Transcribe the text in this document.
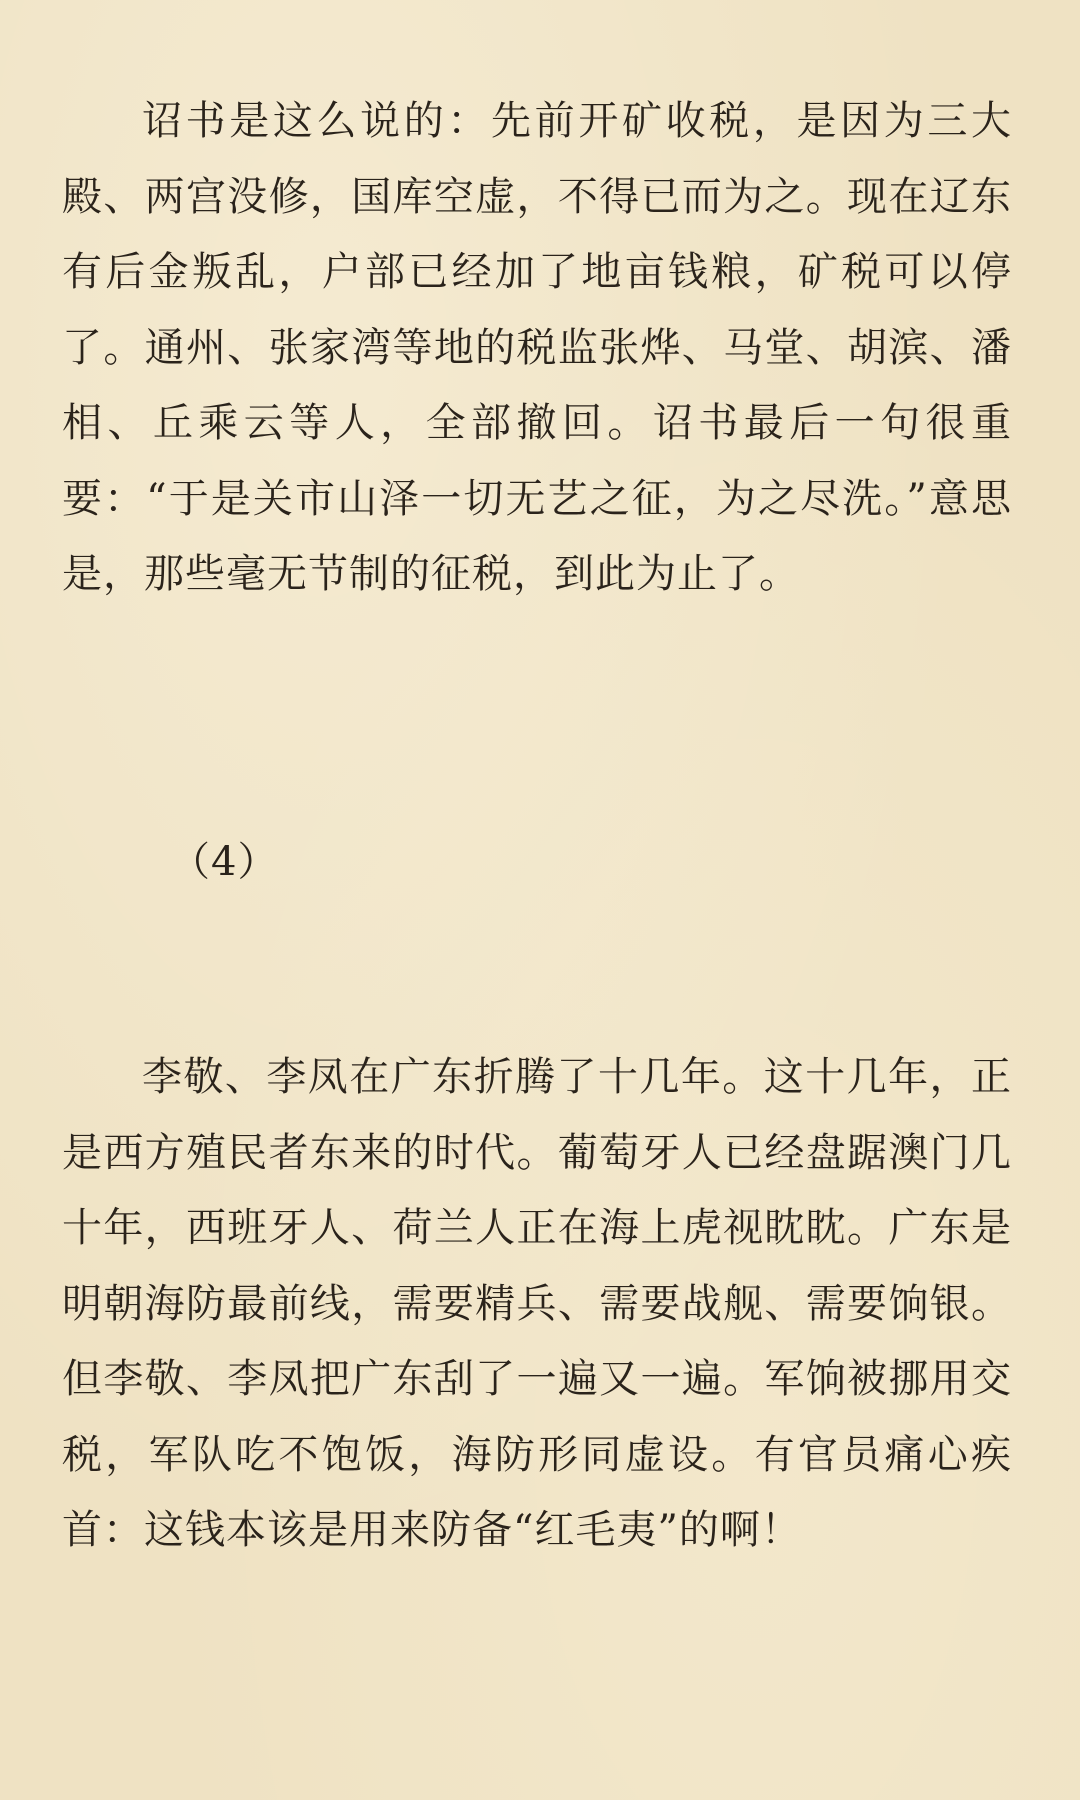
诏书是这么说的：先前开矿收税，是因为三大殿、两宫没修，国库空虚，不得已而为之。现在辽东有后金叛乱，户部已经加了地亩钱粮，矿税可以停了。通州、张家湾等地的税监张烨、马堂、胡滨、潘相、丘乘云等人，全部撤回。诏书最后一句很重要：“于是关市山泽一切无艺之征，为之尽洗。”意思是，那些毫无节制的征税，到此为止了。

（4）

李敬、李凤在广东折腾了十几年。这十几年，正是西方殖民者东来的时代。葡萄牙人已经盘踞澳门几十年，西班牙人、荷兰人正在海上虎视眈眈。广东是明朝海防最前线，需要精兵、需要战舰、需要饷银。但李敬、李凤把广东刮了一遍又一遍。军饷被挪用交税，军队吃不饱饭，海防形同虚设。有官员痛心疾首：这钱本该是用来防备“红毛夷”的啊！
